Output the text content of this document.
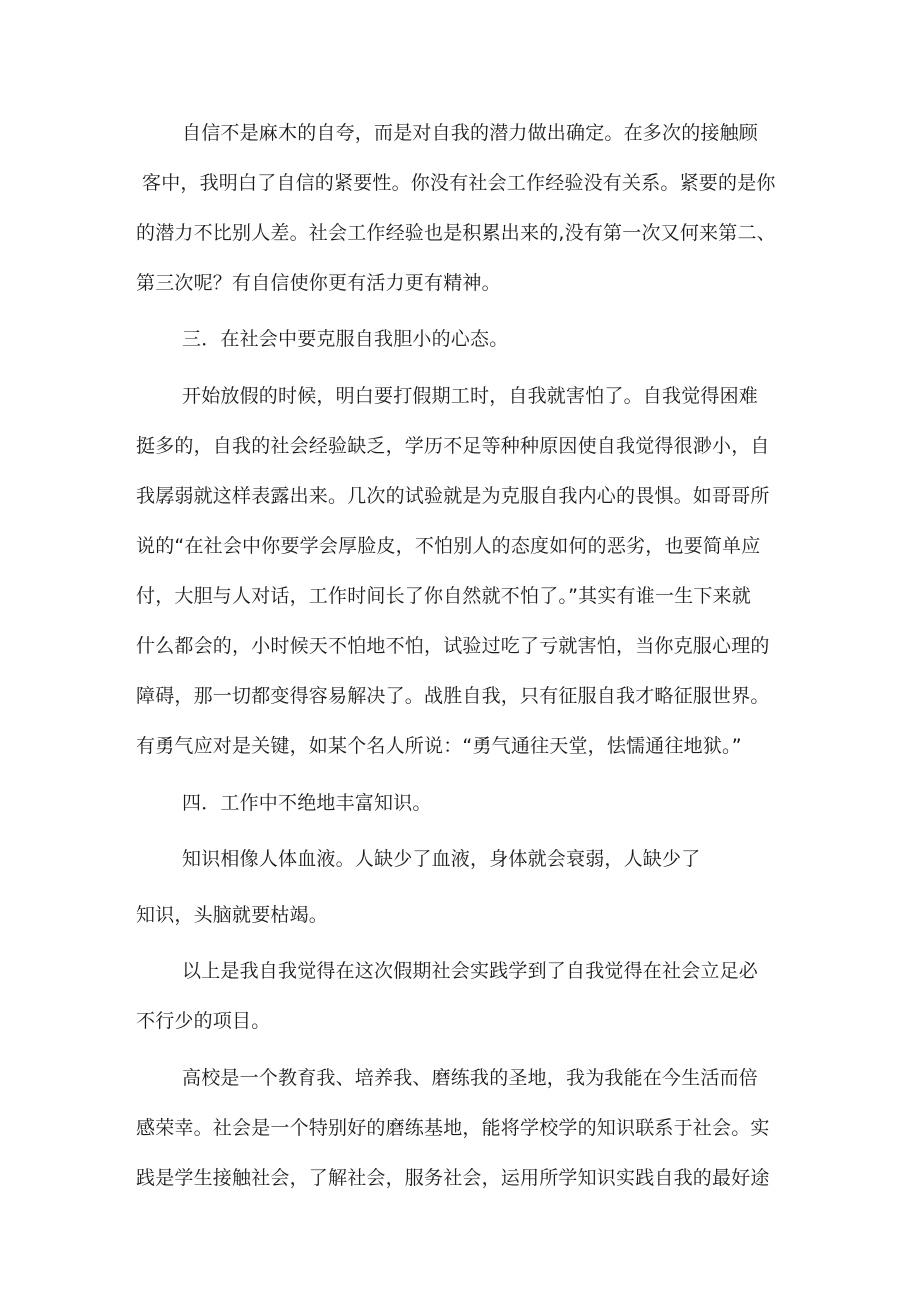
自信不是麻木的自夸，而是对自我的潜力做出确定。在多次的接触顾
客中，我明白了自信的紧要性。你没有社会工作经验没有关系。紧要的是你
的潜力不比别人差。社会工作经验也是积累出来的,没有第一次又何来第二、
第三次呢？有自信使你更有活力更有精神。
三．在社会中要克服自我胆小的心态。
开始放假的时候，明白要打假期工时，自我就害怕了。自我觉得困难
挺多的，自我的社会经验缺乏，学历不足等种种原因使自我觉得很渺小，自
我孱弱就这样表露出来。几次的试验就是为克服自我内心的畏惧。如哥哥所
说的“在社会中你要学会厚脸皮，不怕别人的态度如何的恶劣，也要简单应
付，大胆与人对话，工作时间长了你自然就不怕了。”其实有谁一生下来就
什么都会的，小时候天不怕地不怕，试验过吃了亏就害怕，当你克服心理的
障碍，那一切都变得容易解决了。战胜自我，只有征服自我才略征服世界。
有勇气应对是关键，如某个名人所说：“勇气通往天堂，怯懦通往地狱。”
四．工作中不绝地丰富知识。
知识相像人体血液。人缺少了血液，身体就会衰弱，人缺少了
知识，头脑就要枯竭。
以上是我自我觉得在这次假期社会实践学到了自我觉得在社会立足必
不行少的项目。
高校是一个教育我、培养我、磨练我的圣地，我为我能在今生活而倍
感荣幸。社会是一个特别好的磨练基地，能将学校学的知识联系于社会。实
践是学生接触社会，了解社会，服务社会，运用所学知识实践自我的最好途
